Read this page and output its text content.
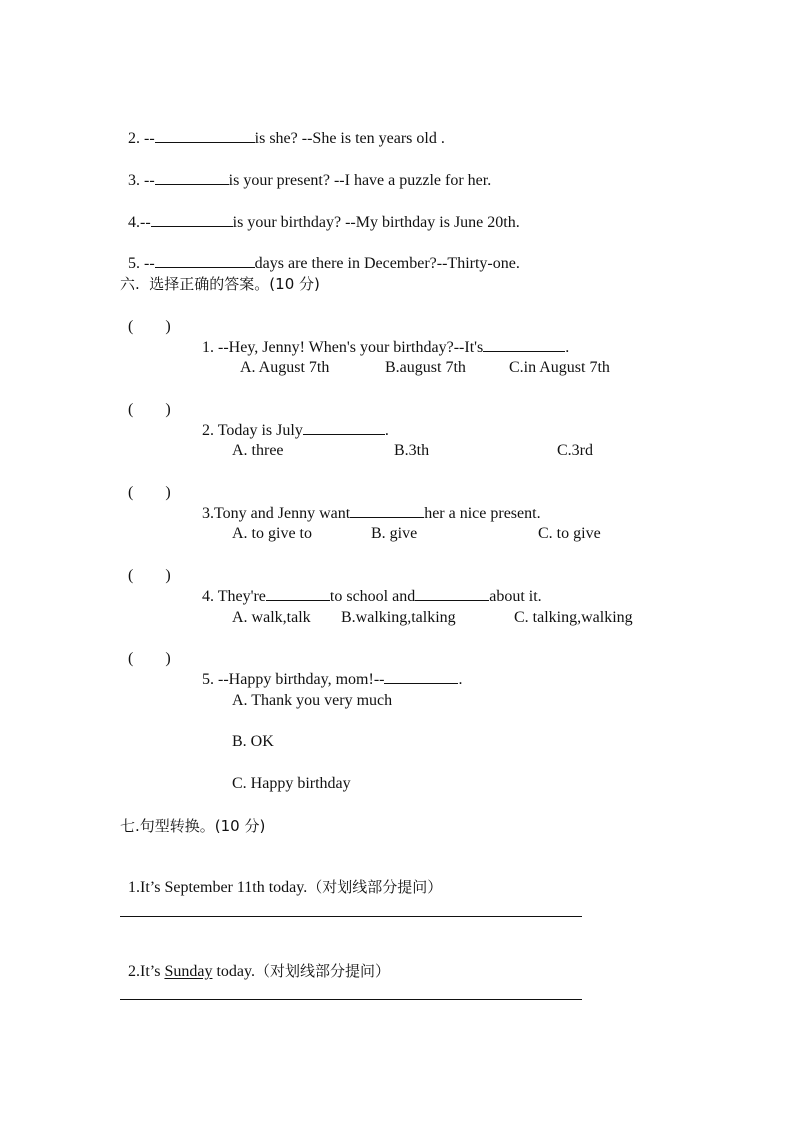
2. --	is she? --She is ten years old .

3. --	is your present? --I have a puzzle for her.

4.--	is your birthday? --My birthday is June 20th.

5. --	days are there in December?--Thirty-one.

六.  选择正确的答案。(10 分)
(        )

1. --Hey, Jenny! When's your birthday?--It's	.

A. August 7th	B.august 7th	C.in August 7th
(        )

2. Today is July	.

A. three	B.3th	C.3rd
(        )

3.Tony and Jenny want	her a nice present.

A. to give to	B. give	C. to give
(        )

4. They're	to school and	about it.

A. walk,talk B.walking,talking	C. talking,walking
(        )

5. --Happy birthday, mom!--	.

A. Thank you very much
B. OK
C. Happy birthday
七.句型转换。(10 分)

1.It’s September 11th today.（对划线部分提问）

2.It’s Sunday today.（对划线部分提问）
